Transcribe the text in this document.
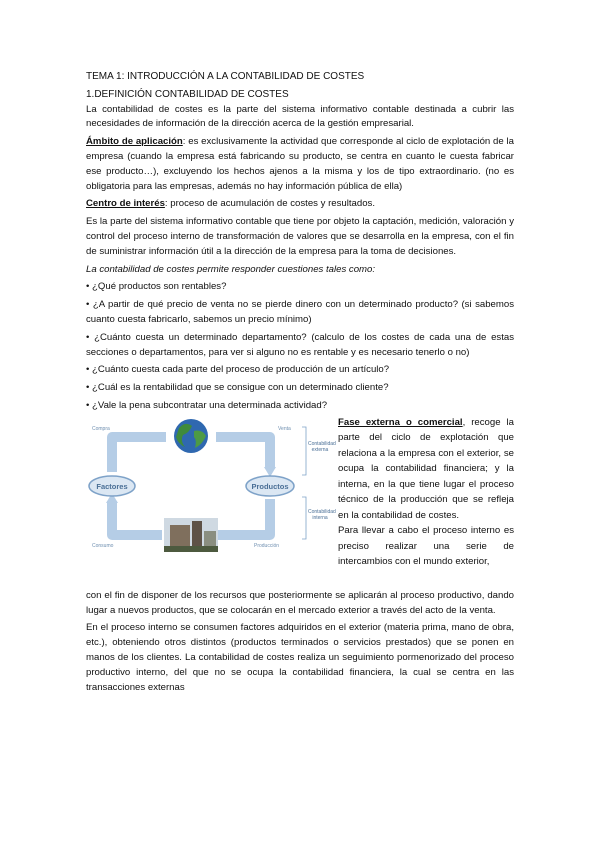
TEMA 1: INTRODUCCIÓN A LA CONTABILIDAD DE COSTES

1.DEFINICIÓN CONTABILIDAD DE COSTES

La contabilidad de costes es la parte del sistema informativo contable destinada a cubrir las necesidades de información de la dirección acerca de la gestión empresarial.

Ámbito de aplicación: es exclusivamente la actividad que corresponde al ciclo de explotación de la empresa (cuando la empresa está fabricando su producto, se centra en cuanto le cuesta fabricar ese producto…), excluyendo los hechos ajenos a la misma y los de tipo extraordinario. (no es obligatoria para las empresas, además no hay información pública de ella)

Centro de interés: proceso de acumulación de costes y resultados.

Es la parte del sistema informativo contable que tiene por objeto la captación, medición, valoración y control del proceso interno de transformación de valores que se desarrolla en la empresa, con el fin de suministrar información útil a la dirección de la empresa para la toma de decisiones.

La contabilidad de costes permite responder cuestiones tales como:

• ¿Qué productos son rentables?

• ¿A partir de qué precio de venta no se pierde dinero con un determinado producto? (si sabemos cuanto cuesta fabricarlo, sabemos un precio mínimo)

• ¿Cuánto cuesta un determinado departamento? (calculo de los costes de cada una de estas secciones o departamentos, para ver si alguno no es rentable y es necesario tenerlo o no)

• ¿Cuánto cuesta cada parte del proceso de producción de un artículo?

• ¿Cuál es la rentabilidad que se consigue con un determinado cliente?

• ¿Vale la pena subcontratar una determinada actividad?

Factores	Productos
Compra	Venta
Consumo	Producción
Contabilidad externa
Contabilidad interna

Fase externa o comercial, recoge la parte del ciclo de explotación que relaciona a la empresa con el exterior, se ocupa la contabilidad financiera; y la interna, en la que tiene lugar el proceso técnico de la producción que se refleja en la contabilidad de costes.

Para llevar a cabo el proceso interno es preciso realizar una serie de intercambios con el mundo exterior,

con el fin de disponer de los recursos que posteriormente se aplicarán al proceso productivo, dando lugar a nuevos productos, que se colocarán en el mercado exterior a través del acto de la venta.

En el proceso interno se consumen factores adquiridos en el exterior (materia prima, mano de obra, etc.), obteniendo otros distintos (productos terminados o servicios prestados) que se ponen en manos de los clientes. La contabilidad de costes realiza un seguimiento pormenorizado del proceso productivo interno, del que no se ocupa la contabilidad financiera, la cual se centra en las transacciones externas
